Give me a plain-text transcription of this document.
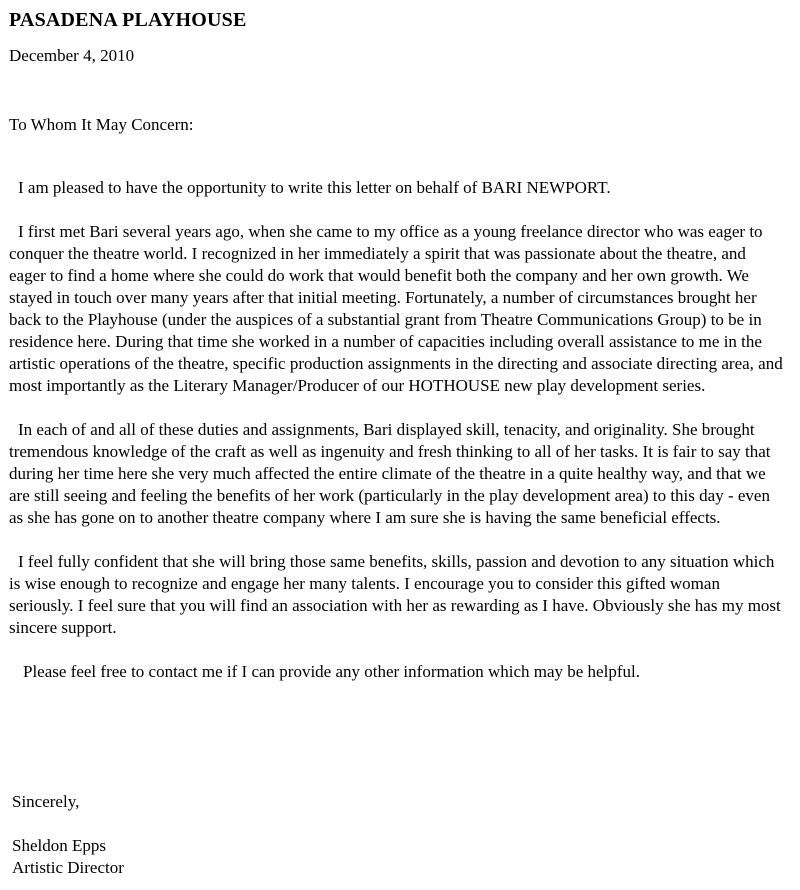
PASADENA PLAYHOUSE
December 4, 2010
To Whom It May Concern:

I am pleased to have the opportunity to write this letter on behalf of BARI NEWPORT.

I first met Bari several years ago, when she came to my office as a young freelance director who was eager to conquer the theatre world. I recognized in her immediately a spirit that was passionate about the theatre, and eager to find a home where she could do work that would benefit both the company and her own growth. We stayed in touch over many years after that initial meeting. Fortunately, a number of circumstances brought her back to the Playhouse (under the auspices of a substantial grant from Theatre Communications Group) to be in residence here. During that time she worked in a number of capacities including overall assistance to me in the artistic operations of the theatre, specific production assignments in the directing and associate directing area, and most importantly as the Literary Manager/Producer of our HOTHOUSE new play development series.

In each of and all of these duties and assignments, Bari displayed skill, tenacity, and originality. She brought tremendous knowledge of the craft as well as ingenuity and fresh thinking to all of her tasks. It is fair to say that during her time here she very much affected the entire climate of the theatre in a quite healthy way, and that we are still seeing and feeling the benefits of her work (particularly in the play development area) to this day - even as she has gone on to another theatre company where I am sure she is having the same beneficial effects.

I feel fully confident that she will bring those same benefits, skills, passion and devotion to any situation which is wise enough to recognize and engage her many talents. I encourage you to consider this gifted woman seriously. I feel sure that you will find an association with her as rewarding as I have. Obviously she has my most sincere support.

Please feel free to contact me if I can provide any other information which may be helpful.

Sincerely,
Sheldon Epps
Artistic Director
